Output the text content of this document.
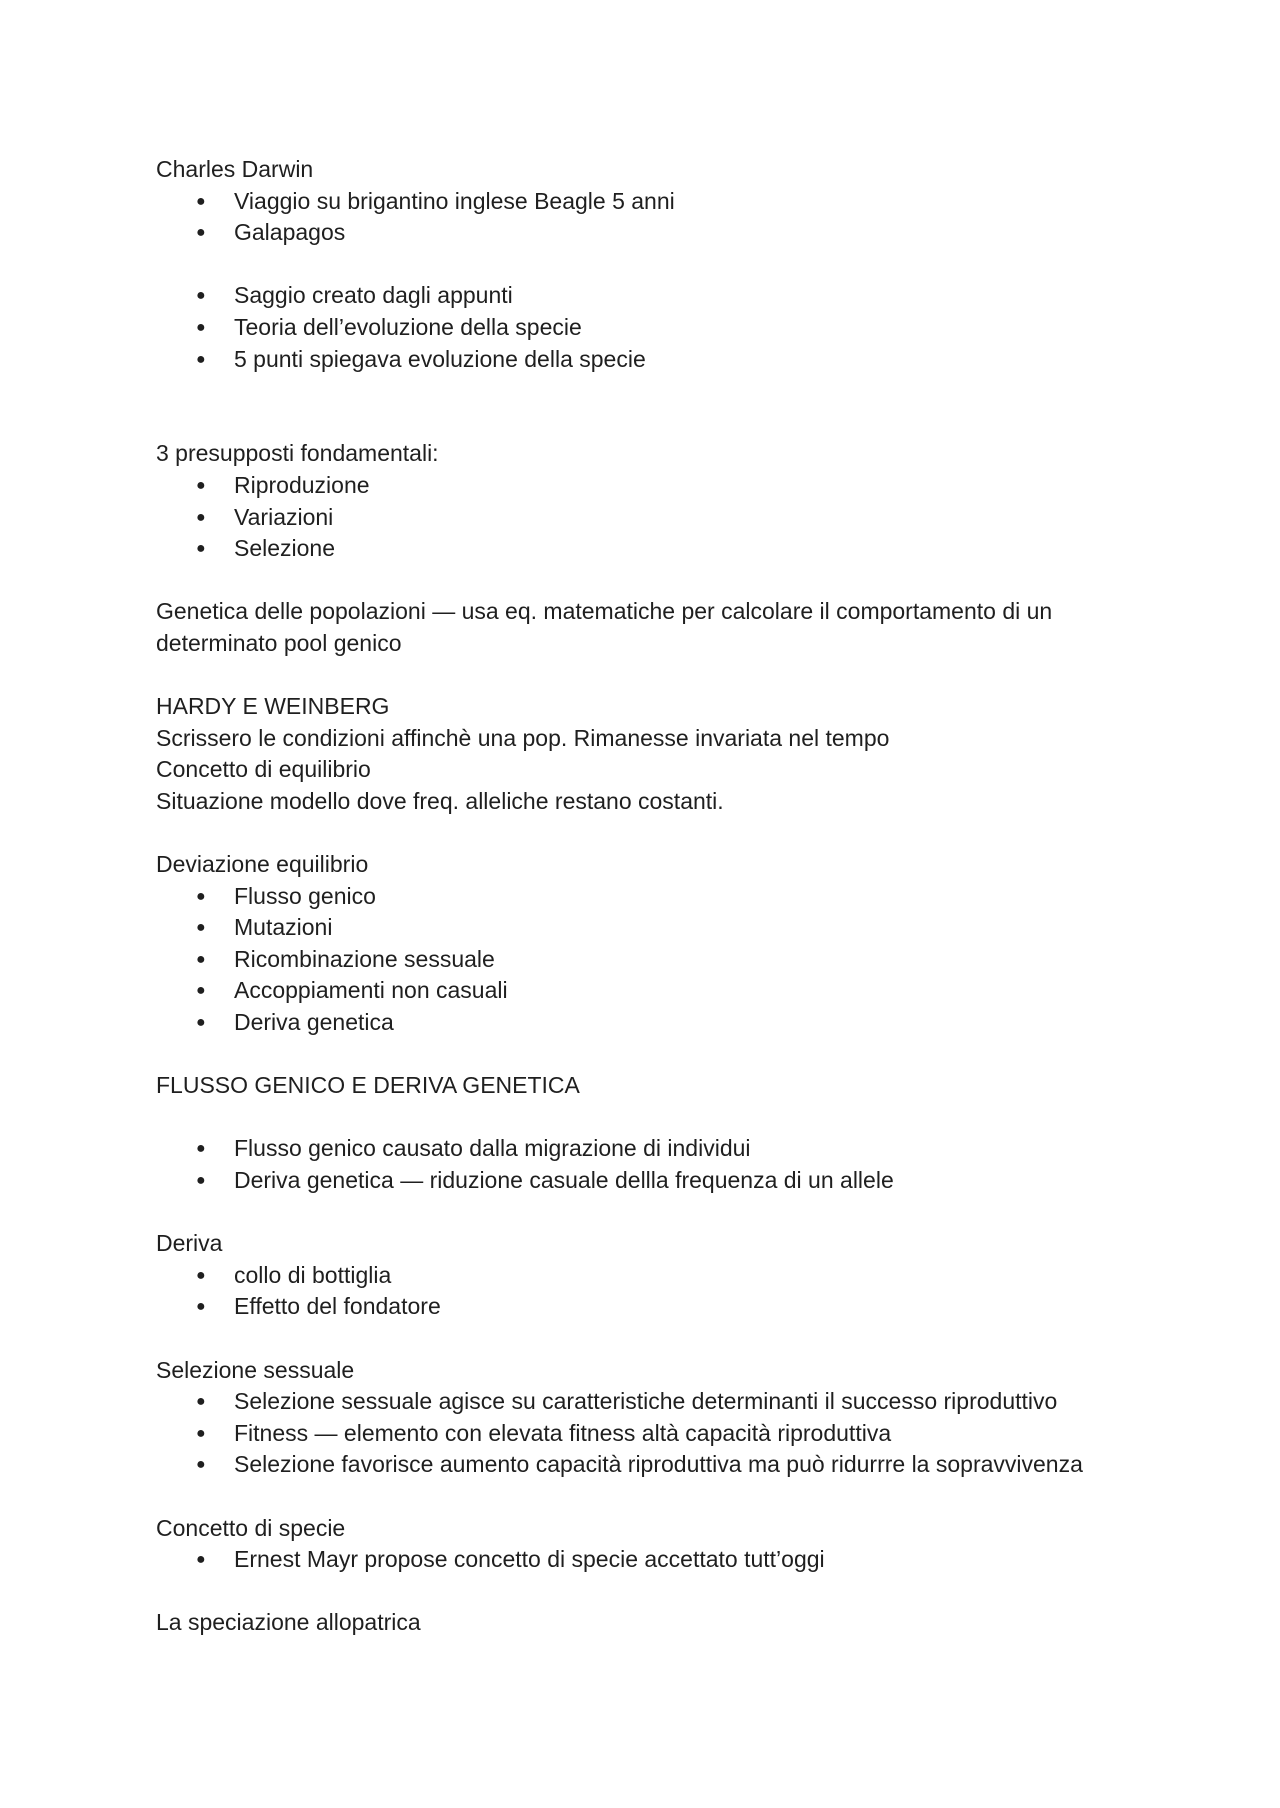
Charles Darwin

● Viaggio su brigantino inglese Beagle 5 anni
● Galapagos
● Saggio creato dagli appunti
● Teoria dell’evoluzione della specie
● 5 punti spiegava evoluzione della specie

3 presupposti fondamentali:

● Riproduzione
● Variazioni
● Selezione

Genetica delle popolazioni — usa eq. matematiche per calcolare il comportamento di un determinato pool genico

HARDY E WEINBERG

Scrissero le condizioni affinchè una pop. Rimanesse invariata nel tempo

Concetto di equilibrio

Situazione modello dove freq. alleliche restano costanti.

Deviazione equilibrio

● Flusso genico
● Mutazioni
● Ricombinazione sessuale
● Accoppiamenti non casuali
● Deriva genetica

FLUSSO GENICO E DERIVA GENETICA

● Flusso genico causato dalla migrazione di individui
● Deriva genetica — riduzione casuale dellla frequenza di un allele

Deriva

● collo di bottiglia
● Effetto del fondatore

Selezione sessuale

● Selezione sessuale agisce su caratteristiche determinanti il successo riproduttivo
● Fitness — elemento con elevata fitness altà capacità riproduttiva
● Selezione favorisce aumento capacità riproduttiva ma può ridurrre la sopravvivenza

Concetto di specie

● Ernest Mayr propose concetto di specie accettato tutt’oggi

La speciazione allopatrica
